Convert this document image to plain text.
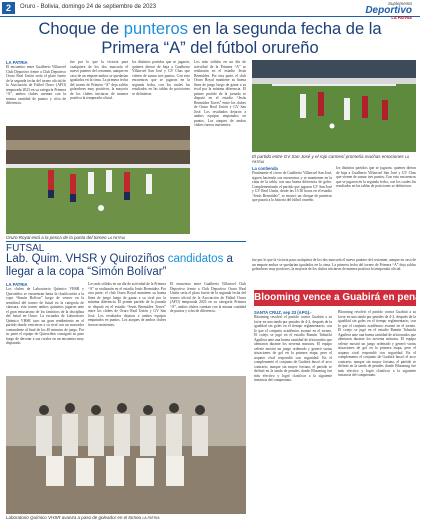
2	Oruro - Bolivia, domingo 24 de septiembre de 2023
Suplemento
Deportivo
LA PATRIA
Choque de punteros en la segunda fecha de la Primera “A” del fútbol orureño
LA PATRIA
El encuentro entre Gualberto Villarroel Club Deportivo frente a Club Deportivo Oruro Real Unión sería el plato fuerte de la segunda fecha del torneo oficial de la Asociación de Fútbol Oruro (AFO) temporada 2023 en su categoría Primera “A”, ambos clubes cuentan con la misma cantidad de puntos y cifra de diferencia.
fue por lo que la victoria para cualquiera de los dos marcaría el nuevo puntero del certamen, aunque en caso de un empate ambos se quedarían igualados en la cima. La primera fecha del torneo de Primera “A” deja saldos goleadores muy positivos, la mayoría de los clubes iniciaron de manera positiva la temporada oficial.
los distintos partidos que se jugaron, quienes dieron de baja a Gualberto Villarroel San José y GV Chas que vienen de sumar tres puntos. Con esto encuentros que se jugaron en la segunda fecha, con los cuales los resultados en las tablas de posiciones se definieron.
Los más sólidos en un día de actividad de la Primera “A” se realizarán en el estadio Jesús Bermúdez. Por otra parte, el club Oruro Royal mantiene su buena línea de juego luego de ganar a su rival por la mínima diferencia. El primer partido de la jornada se disputó en el estadio “Jesús Bermúdez Torres” entre los clubes de Oruro Real Unión y GV San José. Los resultados dejaron a ambos equipos empatados en puntos. Los ataques de ambos clubes fueron insistentes.
Oruro Royal está a la pesca de la punta del torneo LA PATRIA
El partido entre GV San José y el rojo carmesí prometía muchas emociones LA PATRIA
La contienda
Finalmente el cierre de Gualberto Villarroel San José, siguen haciendo sus encuentros y se mantienen en la cima de la tabla, con una buena diferencia de goles. Complementando el partido que jugaron GV San José y GV Real Unión, desde las 15:30 horas en el estadio “Jesús Bermúdez”, se mostró un choque de punteros que pasará a la historia del fútbol orureño.
los distintos partidos que se jugaron, quienes dieron de baja a Gualberto Villarroel San José y GV Chas que vienen de sumar tres puntos. Con esto encuentros que se jugaron en la segunda fecha, con los cuales los resultados en las tablas de posiciones se definieron.
FUTSAL
Lab. Quim. VHSR y Quiroziños candidatos a llegar a la copa “Simón Bolívar”
LA PATRIA
Los clubes de Laboratorio Químico VHSR y Quiroziños se encuentran hasta la clasificación a la copa “Simón Bolívar” luego de vencer en la semifinal del torneo de futsal en la categoría de clausura, este torneo ambos quintetos jugaron ante el gran entusiasmo de los fanáticos de la disciplina del futsal en Oruro. La escuadra de Laboratorio Químico VHSR tuvo un gran rendimiento en el partido donde vencieron a su rival con un marcador contundente al final de los 40 minutos de juego. Por su parte el equipo de Quiroziños consiguió su pase luego de derrotar a sus rivales en un encuentro muy disputado.
Los más sólidos en un día de actividad de la Primera “A” se realizarán en el estadio Jesús Bermúdez. Por otra parte, el club Oruro Royal mantiene su buena línea de juego luego de ganar a su rival por la mínima diferencia. El primer partido de la jornada se disputó en el estadio “Jesús Bermúdez Torres” entre los clubes de Oruro Real Unión y GV San José. Los resultados dejaron a ambos equipos empatados en puntos. Los ataques de ambos clubes fueron insistentes.
El encuentro entre Gualberto Villarroel Club Deportivo frente a Club Deportivo Oruro Real Unión sería el plato fuerte de la segunda fecha del torneo oficial de la Asociación de Fútbol Oruro (AFO) temporada 2023 en su categoría Primera “A”, ambos clubes cuentan con la misma cantidad de puntos y cifra de diferencia.
Laboratorio Químico VHSR avanza a paso de goleador en el torneo LA PATRIA
fue por lo que la victoria para cualquiera de los dos marcaría el nuevo puntero del certamen, aunque en caso de un empate ambos se quedarían igualados en la cima. La primera fecha del torneo de Primera “A” deja saldos goleadores muy positivos, la mayoría de los clubes iniciaron de manera positiva la temporada oficial.
Blooming vence a Guabirá en penales
SANTA CRUZ, sep 23 (APG).-
Blooming resolvió el partido contra Guabirá a su favor en una tanda por penales de 4-2, después de la igualdad sin goles en el tiempo reglamentario, con lo que el conjunto académico avanzó en el torneo. El cotejo se jugó en el estadio Ramón Tahuichi Aguilera ante una buena cantidad de aficionados que alentaron durante los noventa minutos. El equipo celeste mostró un juego ordenado y generó varias situaciones de gol en la primera etapa, pero el arquero rival respondió con seguridad. En el complemento el conjunto de Guabirá buscó el arco contrario, aunque sin mayor fortuna, el partido se definió en la tanda de penales donde Blooming fue más efectivo y logró clasificar a la siguiente instancia del campeonato.
Blooming resolvió el partido contra Guabirá a su favor en una tanda por penales de 4-2, después de la igualdad sin goles en el tiempo reglamentario, con lo que el conjunto académico avanzó en el torneo. El cotejo se jugó en el estadio Ramón Tahuichi Aguilera ante una buena cantidad de aficionados que alentaron durante los noventa minutos. El equipo celeste mostró un juego ordenado y generó varias situaciones de gol en la primera etapa, pero el arquero rival respondió con seguridad. En el complemento el conjunto de Guabirá buscó el arco contrario, aunque sin mayor fortuna, el partido se definió en la tanda de penales donde Blooming fue más efectivo y logró clasificar a la siguiente instancia del campeonato.
